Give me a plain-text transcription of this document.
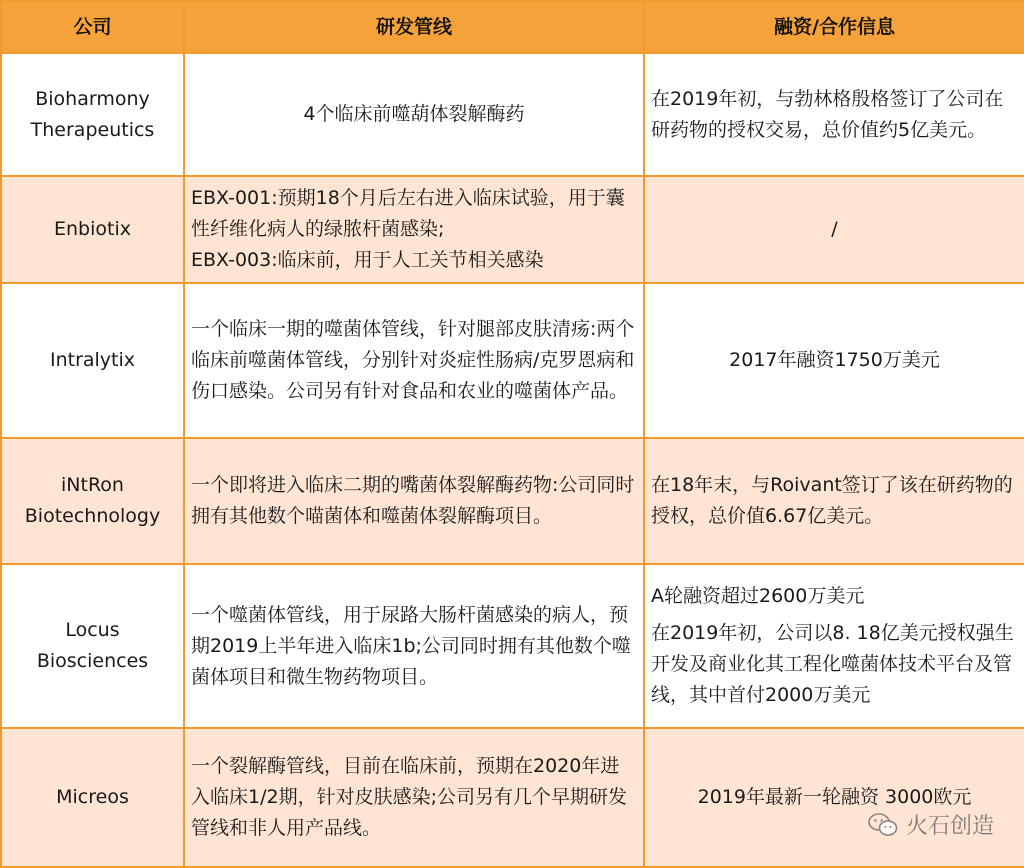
公司	研发管线	融资/合作信息
Bioharmony
Therapeutics	4个临床前噬葫体裂解酶药	在2019年初，与勃林格殷格签订了公司在研药物的授权交易，总价值约5亿美元。
Enbiotix	EBX-001:预期18个月后左右进入临床试验，用于囊性纤维化病人的绿脓杆菌感染;
EBX-003:临床前，用于人工关节相关感染	/
Intralytix	一个临床一期的噬菌体管线，针对腿部皮肤清疡:两个临床前噬菌体管线，分别针对炎症性肠病/克罗恩病和伤口感染。公司另有针对食品和农业的噬菌体产品。	2017年融资1750万美元
iNtRon
Biotechnology	一个即将进入临床二期的嘴菌体裂解酶药物:公司同时拥有其他数个喵菌体和噬菌体裂解酶项目。	在18年末，与Roivant签订了该在研药物的授权，总价值6.67亿美元。
Locus
Biosciences	一个噬菌体管线，用于尿路大肠杆菌感染的病人，预期2019上半年进入临床1b;公司同时拥有其他数个噬菌体项目和微生物药物项目。	A轮融资超过2600万美元
在2019年初，公司以8. 18亿美元授权强生开发及商业化其工程化噬菌体技术平台及管线，其中首付2000万美元

Micreos	一个裂解酶管线，目前在临床前，预期在2020年进入临床1/2期，针对皮肤感染;公司另有几个早期研发管线和非人用产品线。	2019年最新一轮融资 3000欧元
火石创造
